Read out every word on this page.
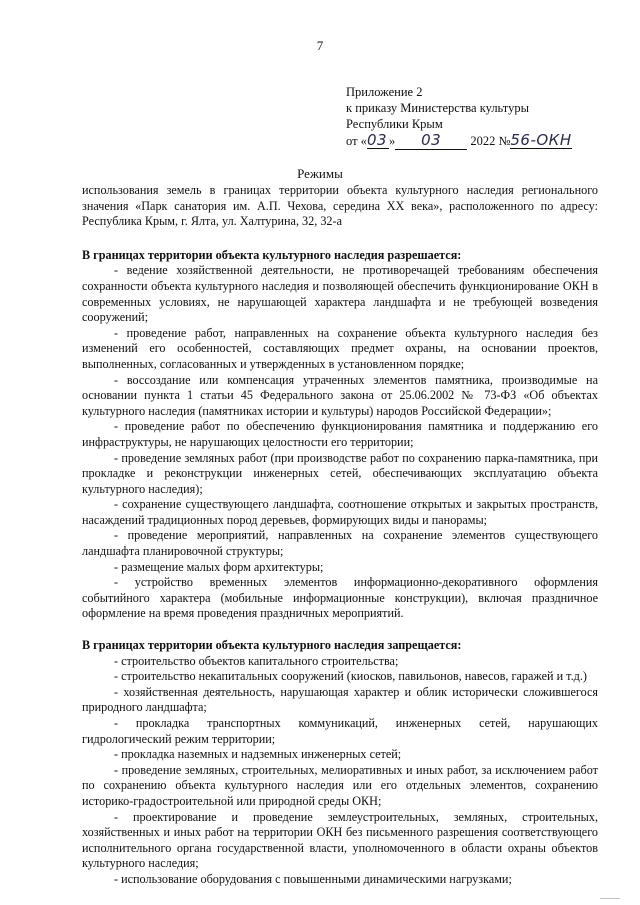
7
Приложение 2
к приказу Министерства культуры
Республики Крым
от «03 » 03 2022 №56-ОКН
Режимы

использования земель в границах территории объекта культурного наследия регионального значения «Парк санатория им. А.П. Чехова, середина XX века», расположенного по адресу: Республика Крым, г. Ялта, ул. Халтурина, 32, 32-а

В границах территории объекта культурного наследия разрешается:

- ведение хозяйственной деятельности, не противоречащей требованиям обеспечения сохранности объекта культурного наследия и позволяющей обеспечить функционирование ОКН в современных условиях, не нарушающей характера ландшафта и не требующей возведения сооружений;

- проведение работ, направленных на сохранение объекта культурного наследия без изменений его особенностей, составляющих предмет охраны, на основании проектов, выполненных, согласованных и утвержденных в установленном порядке;

- воссоздание или компенсация утраченных элементов памятника, производимые на основании пункта 1 статьи 45 Федерального закона от 25.06.2002 № 73-ФЗ «Об объектах культурного наследия (памятниках истории и культуры) народов Российской Федерации»;

- проведение работ по обеспечению функционирования памятника и поддержанию его инфраструктуры, не нарушающих целостности его территории;

- проведение земляных работ (при производстве работ по сохранению парка-памятника, при прокладке и реконструкции инженерных сетей, обеспечивающих эксплуатацию объекта культурного наследия);

- сохранение существующего ландшафта, соотношение открытых и закрытых пространств, насаждений традиционных пород деревьев, формирующих виды и панорамы;

- проведение мероприятий, направленных на сохранение элементов существующего ландшафта планировочной структуры;

- размещение малых форм архитектуры;

- устройство временных элементов информационно-декоративного оформления событийного характера (мобильные информационные конструкции), включая праздничное оформление на время проведения праздничных мероприятий.

В границах территории объекта культурного наследия запрещается:

- строительство объектов капитального строительства;

- строительство некапитальных сооружений (киосков, павильонов, навесов, гаражей и т.д.)

- хозяйственная деятельность, нарушающая характер и облик исторически сложившегося природного ландшафта;

- прокладка транспортных коммуникаций, инженерных сетей, нарушающих гидрологический режим территории;

- прокладка наземных и надземных инженерных сетей;

- проведение земляных, строительных, мелиоративных и иных работ, за исключением работ по сохранению объекта культурного наследия или его отдельных элементов, сохранению историко-градостроительной или природной среды ОКН;

- проектирование и проведение землеустроительных, земляных, строительных, хозяйственных и иных работ на территории ОКН без письменного разрешения соответствующего исполнительного органа государственной власти, уполномоченного в области охраны объектов культурного наследия;

- использование оборудования с повышенными динамическими нагрузками;
